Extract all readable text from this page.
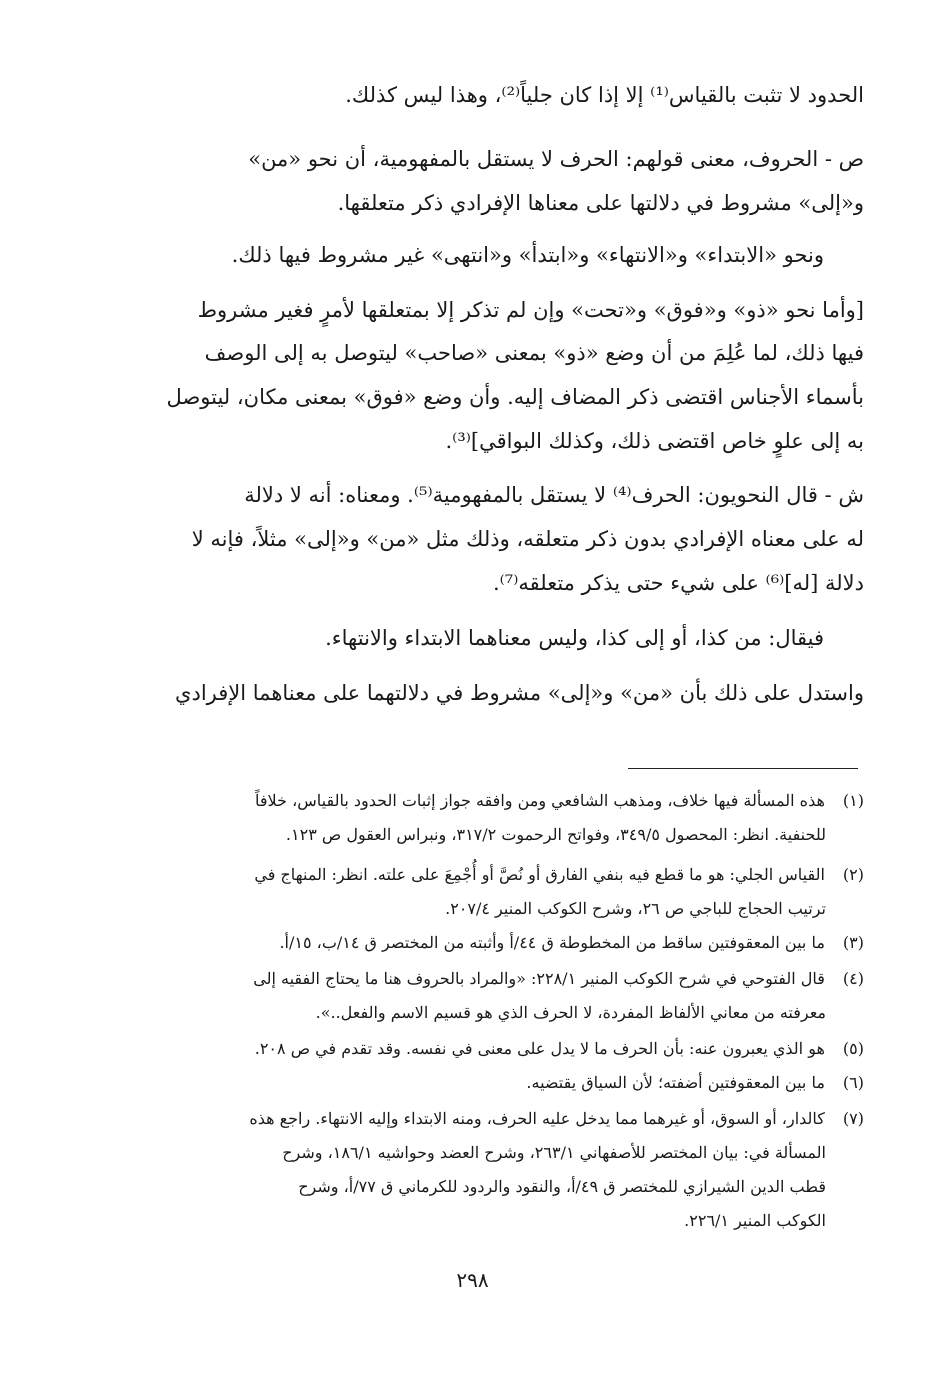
الحدود لا تثبت بالقياس⁽¹⁾ إلا إذا كان جلياً⁽²⁾، وهذا ليس كذلك.
ص - الحروف، معنى قولهم: الحرف لا يستقل بالمفهومية، أن نحو «من»
و«إلى» مشروط في دلالتها على معناها الإفرادي ذكر متعلقها.
ونحو «الابتداء» و«الانتهاء» و«ابتدأ» و«انتهى» غير مشروط فيها ذلك.
[وأما نحو «ذو» و«فوق» و«تحت» وإن لم تذكر إلا بمتعلقها لأمرٍ فغير مشروط
فيها ذلك، لما عُلِمَ من أن وضع «ذو» بمعنى «صاحب» ليتوصل به إلى الوصف
بأسماء الأجناس اقتضى ذكر المضاف إليه. وأن وضع «فوق» بمعنى مكان، ليتوصل
به إلى علوٍ خاص اقتضى ذلك، وكذلك البواقي]⁽³⁾.
ش - قال النحويون: الحرف⁽⁴⁾ لا يستقل بالمفهومية⁽⁵⁾. ومعناه: أنه لا دلالة
له على معناه الإفرادي بدون ذكر متعلقه، وذلك مثل «من» و«إلى» مثلاً، فإنه لا
دلالة [له]⁽⁶⁾ على شيء حتى يذكر متعلقه⁽⁷⁾.
فيقال: من كذا، أو إلى كذا، وليس معناهما الابتداء والانتهاء.
واستدل على ذلك بأن «من» و«إلى» مشروط في دلالتهما على معناهما الإفرادي
(١) هذه المسألة فيها خلاف، ومذهب الشافعي ومن وافقه جواز إثبات الحدود بالقياس، خلافاً
للحنفية. انظر: المحصول ٣٤٩/٥، وفواتح الرحموت ٣١٧/٢، ونبراس العقول ص ١٢٣.
(٢) القياس الجلي: هو ما قطع فيه بنفي الفارق أو نُصَّ أو أُجْمِعَ على علته. انظر: المنهاج في
ترتيب الحجاج للباجي ص ٢٦، وشرح الكوكب المنير ٢٠٧/٤.
(٣) ما بين المعقوفتين ساقط من المخطوطة ق ٤٤/أ وأثبته من المختصر ق ١٤/ب، ١٥/أ.
(٤) قال الفتوحي في شرح الكوكب المنير ٢٢٨/١: «والمراد بالحروف هنا ما يحتاج الفقيه إلى
معرفته من معاني الألفاظ المفردة، لا الحرف الذي هو قسيم الاسم والفعل..».
(٥) هو الذي يعبرون عنه: بأن الحرف ما لا يدل على معنى في نفسه. وقد تقدم في ص ٢٠٨.
(٦) ما بين المعقوفتين أضفته؛ لأن السياق يقتضيه.
(٧) كالدار، أو السوق، أو غيرهما مما يدخل عليه الحرف، ومنه الابتداء وإليه الانتهاء. راجع هذه
المسألة في: بيان المختصر للأصفهاني ٢٦٣/١، وشرح العضد وحواشيه ١٨٦/١، وشرح
قطب الدين الشيرازي للمختصر ق ٤٩/أ، والنقود والردود للكرماني ق ٧٧/أ، وشرح
الكوكب المنير ٢٢٦/١.
٢٩٨
